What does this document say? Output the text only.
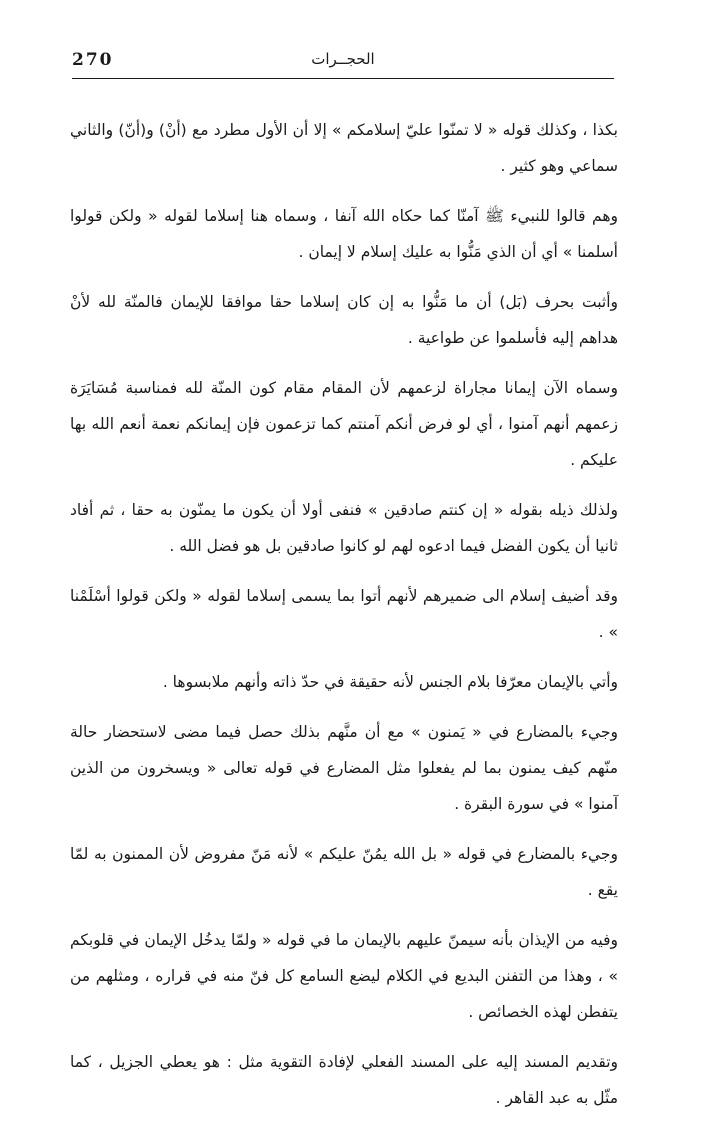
270	الحجــرات

بكذا ، وكذلك قوله « لا تمنّوا عليّ إسلامكم » إلا أن الأول مطرد مع (أنْ) و(أنّ) والثاني سماعي وهو كثير .

وهم قالوا للنبيء ﷺ آمنّا كما حكاه الله آنفا ، وسماه هنا إسلاما لقوله « ولكن قولوا أسلمنا » أي أن الذي مَنُّوا به عليك إسلام لا إيمان .

وأثبت بحرف (بَل) أن ما مَنُّوا به إن كان إسلاما حقا موافقا للإيمان فالمنّة لله لأنْ هداهم إليه فأسلموا عن طواعية .

وسماه الآن إيمانا مجاراة لزعمهم لأن المقام مقام كون المنّة لله فمناسبة مُسَايَرَة زعمهم أنهم آمنوا ، أي لو فرض أنكم آمنتم كما تزعمون فإن إيمانكم نعمة أنعم الله بها عليكم .

ولذلك ذيله بقوله « إن كنتم صادقين » فنفى أولا أن يكون ما يمنّون به حقا ، ثم أفاد ثانيا أن يكون الفضل فيما ادعوه لهم لو كانوا صادقين بل هو فضل الله .

وقد أضيف إسلام الى ضميرهم لأنهم أتوا بما يسمى إسلاما لقوله « ولكن قولوا أسْلَمْنا » .

وأتي بالإيمان معرّفا بلام الجنس لأنه حقيقة في حدّ ذاته وأنهم ملابسوها .

وجيء بالمضارع في « يَمنون » مع أن منَّهم بذلك حصل فيما مضى لاستحضار حالة منّهم كيف يمنون بما لم يفعلوا مثل المضارع في قوله تعالى « ويسخرون من الذين آمنوا » في سورة البقرة .

وجيء بالمضارع في قوله « بل الله يمُنّ عليكم » لأنه مَنّ مفروض لأن الممنون به لمّا يقع .

وفيه من الإيذان بأنه سيمنّ عليهم بالإيمان ما في قوله « ولمّا يدخُل الإيمان في قلوبكم » ، وهذا من التفنن البديع في الكلام ليضع السامع كل فنّ منه في قراره ، ومثلهم من يتفطن لهذه الخصائص .

وتقديم المسند إليه على المسند الفعلي لإفادة التقوية مثل : هو يعطي الجزيل ، كما مثّل به عبد القاهر .
